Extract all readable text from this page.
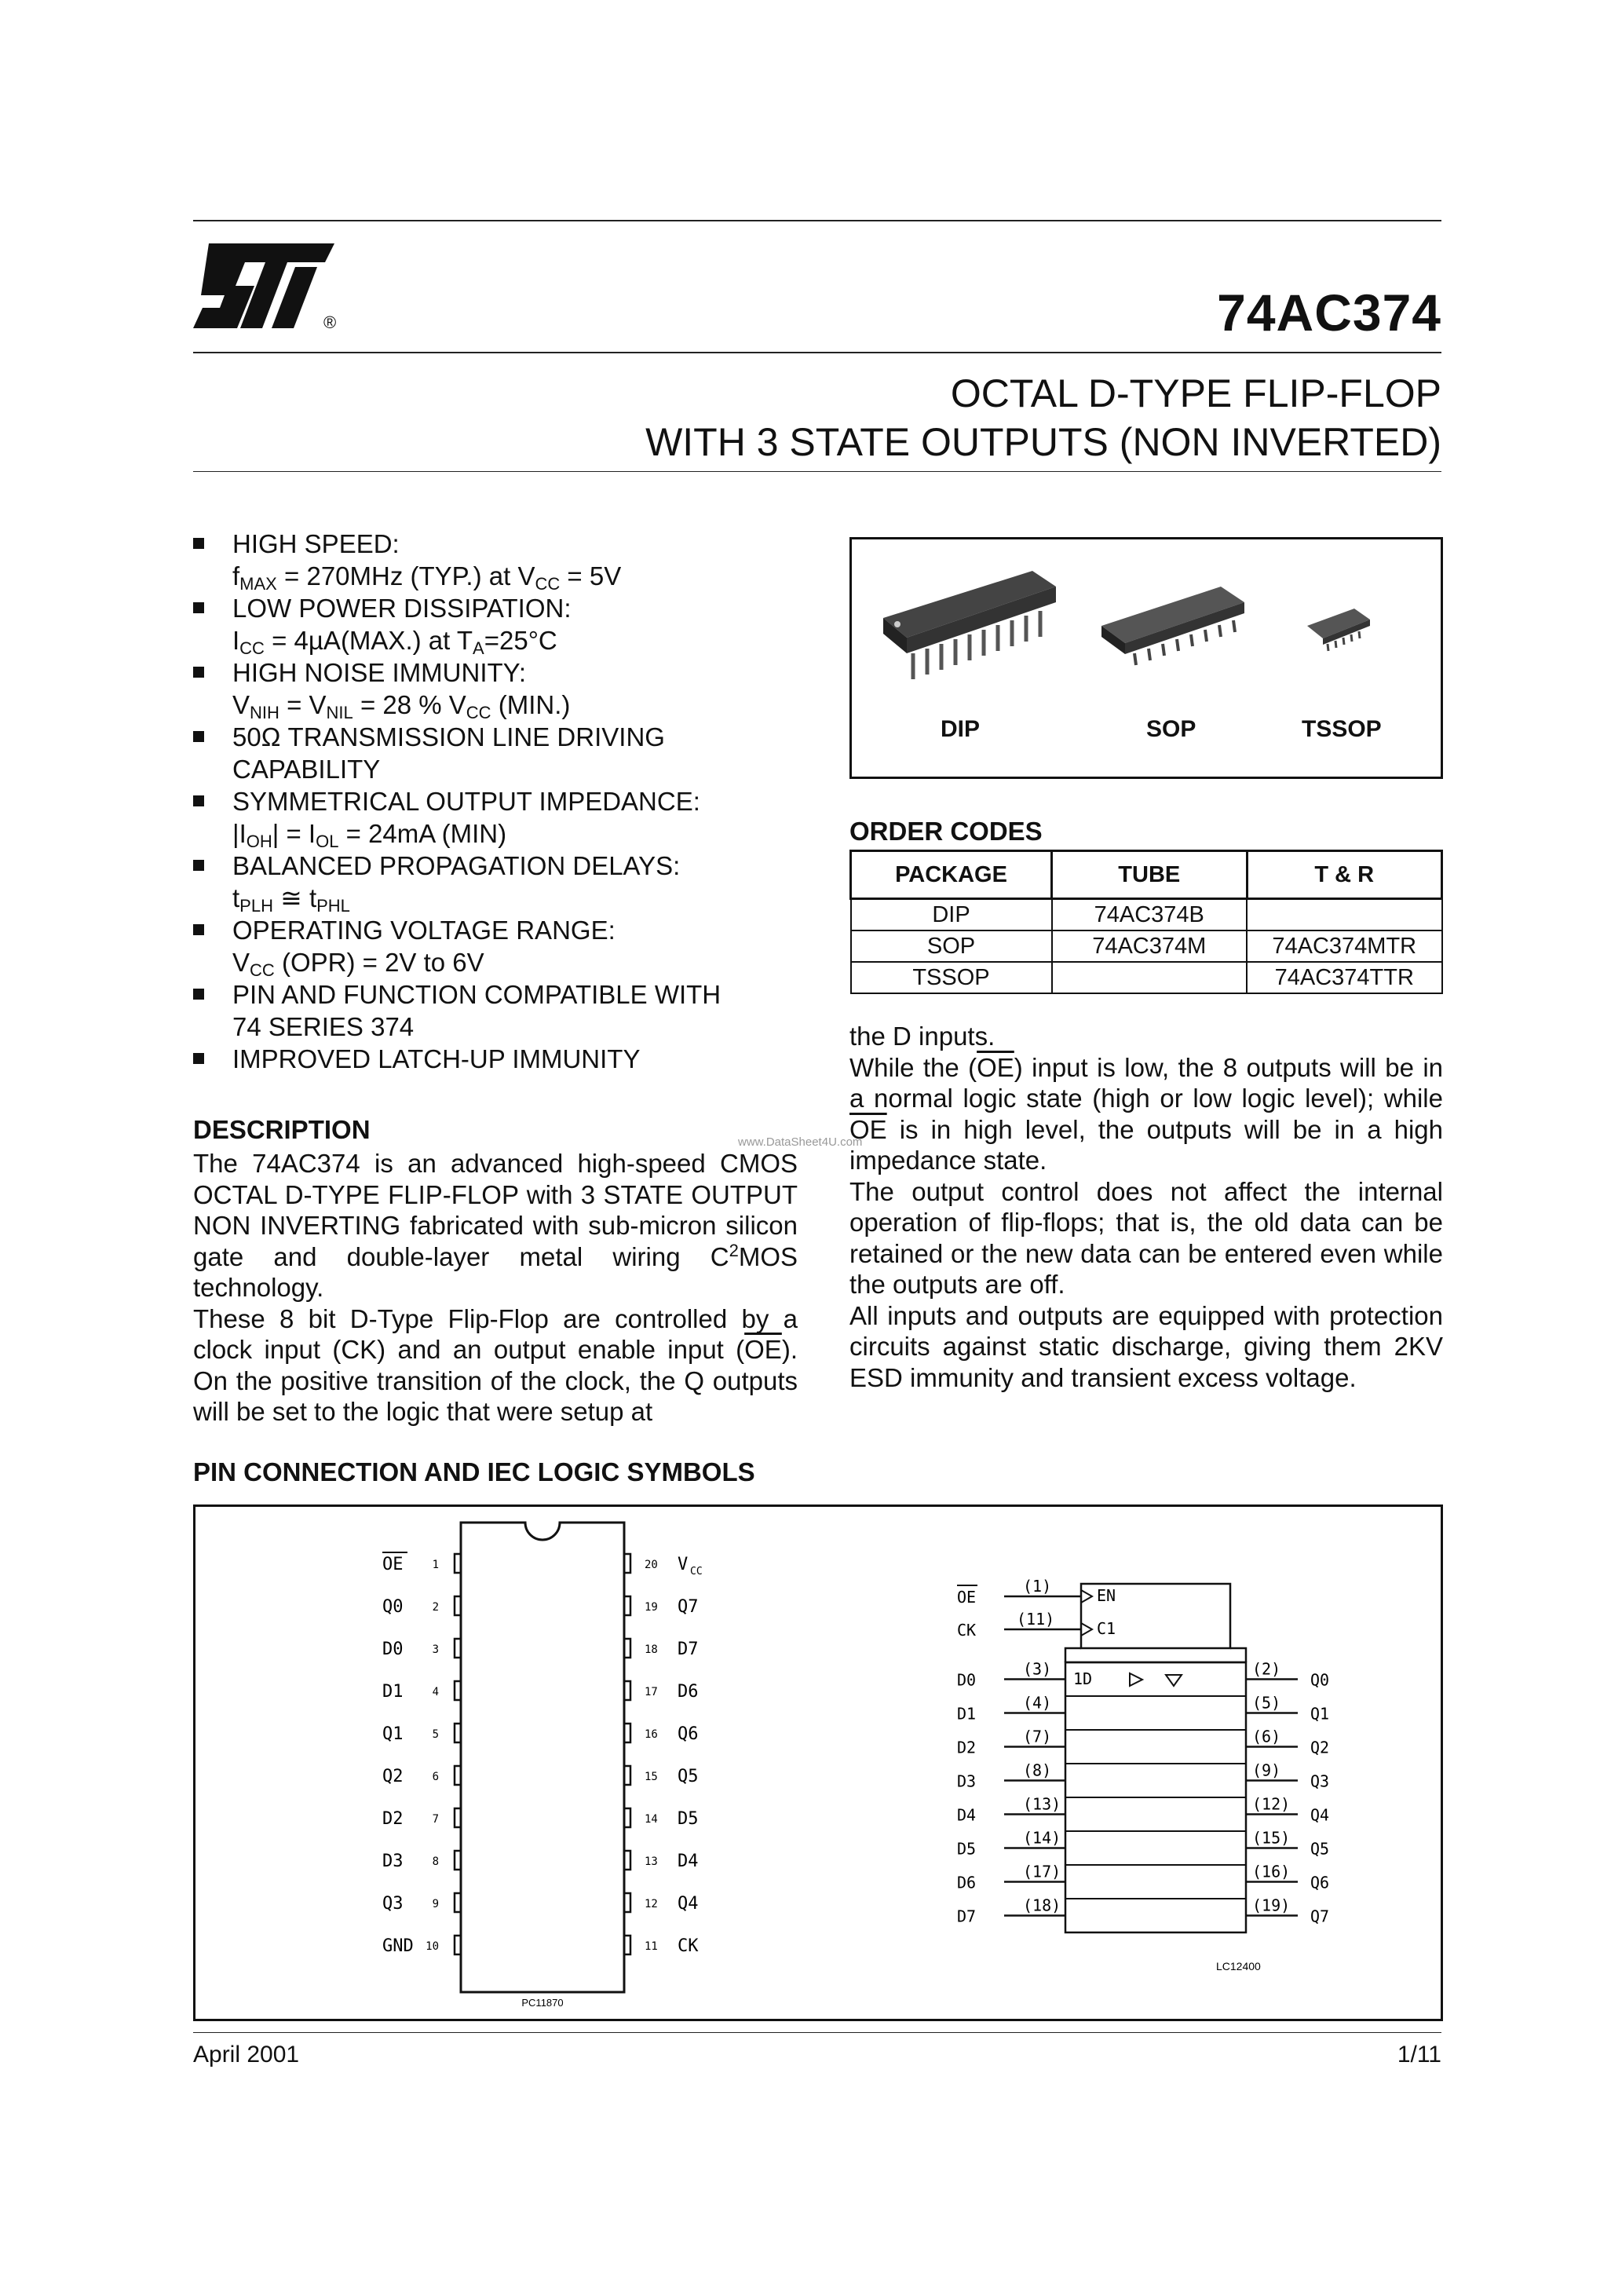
®	74AC374
OCTAL D-TYPE FLIP-FLOP
WITH 3 STATE OUTPUTS (NON INVERTED)
HIGH SPEED:
$f_{MAX} = 270MHz$ (TYP.) at $V_{CC} = 5V$
LOW POWER DISSIPATION:
$I_{CC} = 4\mu A(MAX.)$ at $T_A=25^\circ C$
HIGH NOISE IMMUNITY:
$V_{NIH} = V_{NIL} = 28$ % $V_{CC}$ (MIN.)
50Ω TRANSMISSION LINE DRIVING CAPABILITY
SYMMETRICAL OUTPUT IMPEDANCE:
$|I_{OH}| = I_{OL} = 24mA$ (MIN)
BALANCED PROPAGATION DELAYS:
$t_{PLH}$ ≅ $t_{PHL}$
OPERATING VOLTAGE RANGE:
$V_{CC}$ (OPR) = 2V to 6V
PIN AND FUNCTION COMPATIBLE WITH
74 SERIES 374
IMPROVED LATCH-UP IMMUNITY
DIP	SOP	TSSOP
ORDER CODES
PACKAGE	TUBE	T & R
DIP	74AC374B	
SOP	74AC374M	74AC374MTR
TSSOP		74AC374TTR
DESCRIPTION
The 74AC374 is an advanced high-speed CMOS OCTAL D-TYPE FLIP-FLOP with 3 STATE OUTPUT NON INVERTING fabricated with sub-micron silicon gate and double-layer metal wiring $C^2MOS$ technology.
These 8 bit D-Type Flip-Flop are controlled by a clock input (CK) and an output enable input $(\overline{OE})$. On the positive transition of the clock, the Q outputs will be set to the logic that were setup at
www.DataSheet4U.com
the D inputs.
While the $(\overline{OE})$ input is low, the 8 outputs will be in a normal logic state (high or low logic level); while $\overline{OE}$ is in high level, the outputs will be in a high impedance state.
The output control does not affect the internal operation of flip-flops; that is, the old data can be retained or the new data can be entered even while the outputs are off.
All inputs and outputs are equipped with protection circuits against static discharge, giving them 2KV ESD immunity and transient excess voltage.
PIN CONNECTION AND IEC LOGIC SYMBOLS
1
OE
2
Q0
3
D0
4
D1
5
Q1
6
Q2
7
D2
8
D3
9
Q3
10
GND
20 V CC
19 Q7
18 D7
17 D6
16 Q6
15 Q5
14 D5
13 D4
12 Q4
11 CK
PC11870
EN
C1
OE
(1)
CK
(11)
1D
D0
(3)	(2)
Q0
D1
(4)	(5)
Q1
D2
(7)	(6)
Q2
D3
(8)	(9)
Q3
D4
(13)	(12)
Q4
D5
(14)	(15)
Q5
D6
(17)	(16)
Q6
D7
(18)	(19)
Q7
LC12400
April 2001	1/11
